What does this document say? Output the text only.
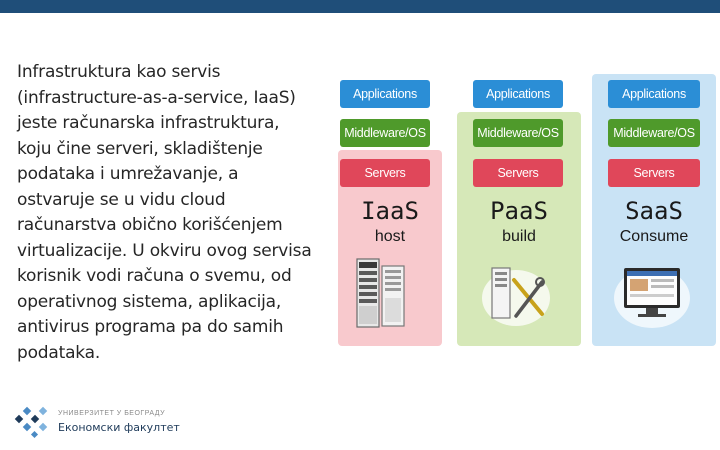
Infrastruktura kao servis (infrastructure-as-a-service, IaaS) jeste računarska infrastruktura, koju čine serveri, skladištenje podataka i umrežavanje, a ostvaruje se u vidu cloud računarstva obično korišćenjem virtualizacije. U okviru ovog servisa korisnik vodi računa o svemu, od operativnog sistema, aplikacija, antivirus programa pa do samih podataka.
Applications	Applications	Applications
Middleware/OS	Middleware/OS	Middleware/OS
Servers	Servers	Servers
IaaS
host
PaaS
build
SaaS
Consume
УНИВЕРЗИТЕТ У БЕОГРАДУ
Економски факултет
